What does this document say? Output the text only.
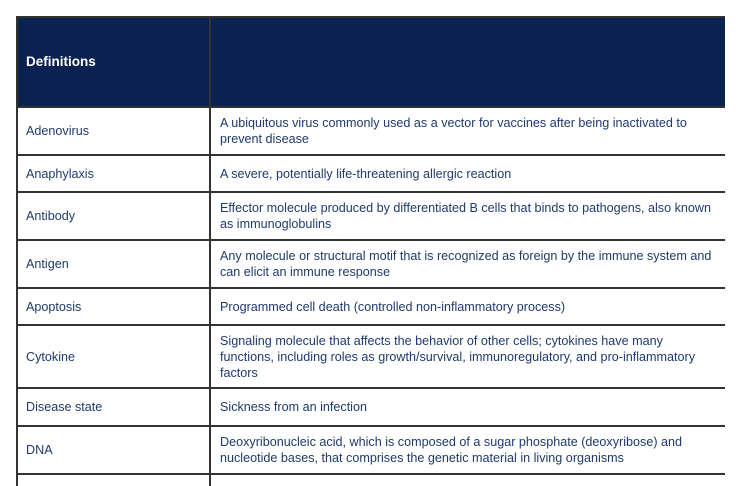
Definitions	
Adenovirus	A ubiquitous virus commonly used as a vector for vaccines after being inactivated to prevent disease
Anaphylaxis	A severe, potentially life-threatening allergic reaction
Antibody	Effector molecule produced by differentiated B cells that binds to pathogens, also known as immunoglobulins
Antigen	Any molecule or structural motif that is recognized as foreign by the immune system and can elicit an immune response
Apoptosis	Programmed cell death (controlled non-inflammatory process)
Cytokine	Signaling molecule that affects the behavior of other cells; cytokines have many functions, including roles as growth/survival, immunoregulatory, and pro-inflammatory factors
Disease state	Sickness from an infection
DNA	Deoxyribonucleic acid, which is composed of a sugar phosphate (deoxyribose) and nucleotide bases, that comprises the genetic material in living organisms
